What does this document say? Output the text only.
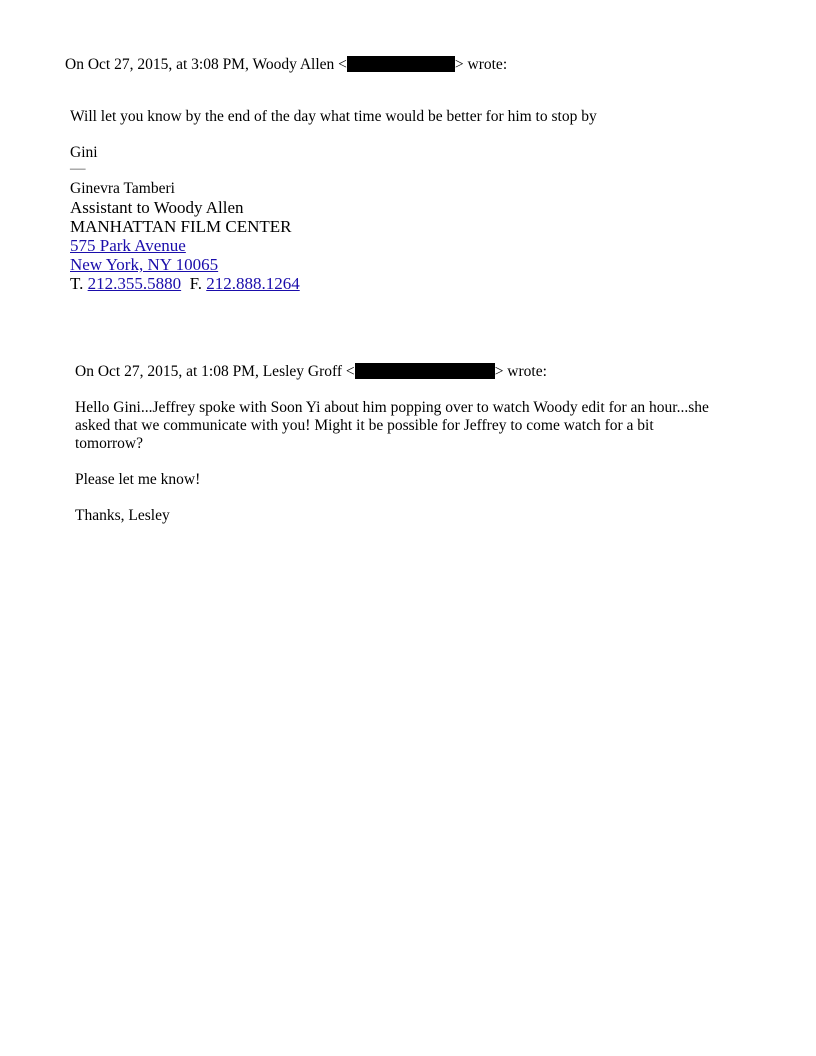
On Oct 27, 2015, at 3:08 PM, Woody Allen <	> wrote:
Will let you know by the end of the day what time would be better for him to stop by
Gini
—
Ginevra Tamberi
Assistant to Woody Allen
MANHATTAN FILM CENTER
575 Park Avenue
New York, NY 10065
T. 212.355.5880 F. 212.888.1264
On Oct 27, 2015, at 1:08 PM, Lesley Groff <	> wrote:
Hello Gini...Jeffrey spoke with Soon Yi about him popping over to watch Woody edit for an hour...she
asked that we communicate with you! Might it be possible for Jeffrey to come watch for a bit
tomorrow?
Please let me know!
Thanks, Lesley
